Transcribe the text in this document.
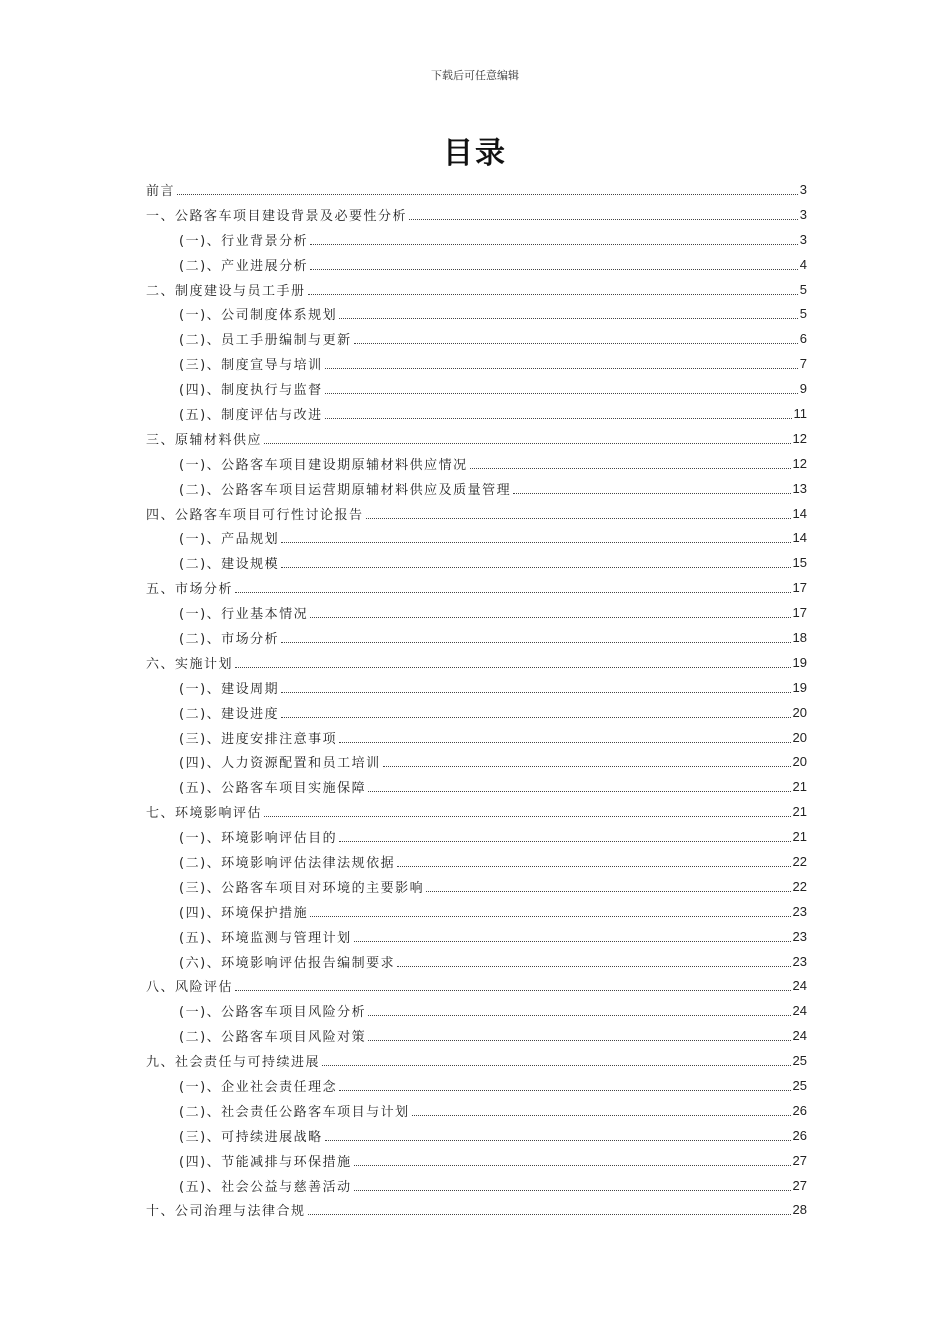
下载后可任意编辑
目录
前言	3
一、公路客车项目建设背景及必要性分析	3
(一)、行业背景分析	3
(二)、产业进展分析	4
二、制度建设与员工手册	5
(一)、公司制度体系规划	5
(二)、员工手册编制与更新	6
(三)、制度宣导与培训	7
(四)、制度执行与监督	9
(五)、制度评估与改进	11
三、原辅材料供应	12
(一)、公路客车项目建设期原辅材料供应情况	12
(二)、公路客车项目运营期原辅材料供应及质量管理	13
四、公路客车项目可行性讨论报告	14
(一)、产品规划	14
(二)、建设规模	15
五、市场分析	17
(一)、行业基本情况	17
(二)、市场分析	18
六、实施计划	19
(一)、建设周期	19
(二)、建设进度	20
(三)、进度安排注意事项	20
(四)、人力资源配置和员工培训	20
(五)、公路客车项目实施保障	21
七、环境影响评估	21
(一)、环境影响评估目的	21
(二)、环境影响评估法律法规依据	22
(三)、公路客车项目对环境的主要影响	22
(四)、环境保护措施	23
(五)、环境监测与管理计划	23
(六)、环境影响评估报告编制要求	23
八、风险评估	24
(一)、公路客车项目风险分析	24
(二)、公路客车项目风险对策	24
九、社会责任与可持续进展	25
(一)、企业社会责任理念	25
(二)、社会责任公路客车项目与计划	26
(三)、可持续进展战略	26
(四)、节能减排与环保措施	27
(五)、社会公益与慈善活动	27
十、公司治理与法律合规	28
